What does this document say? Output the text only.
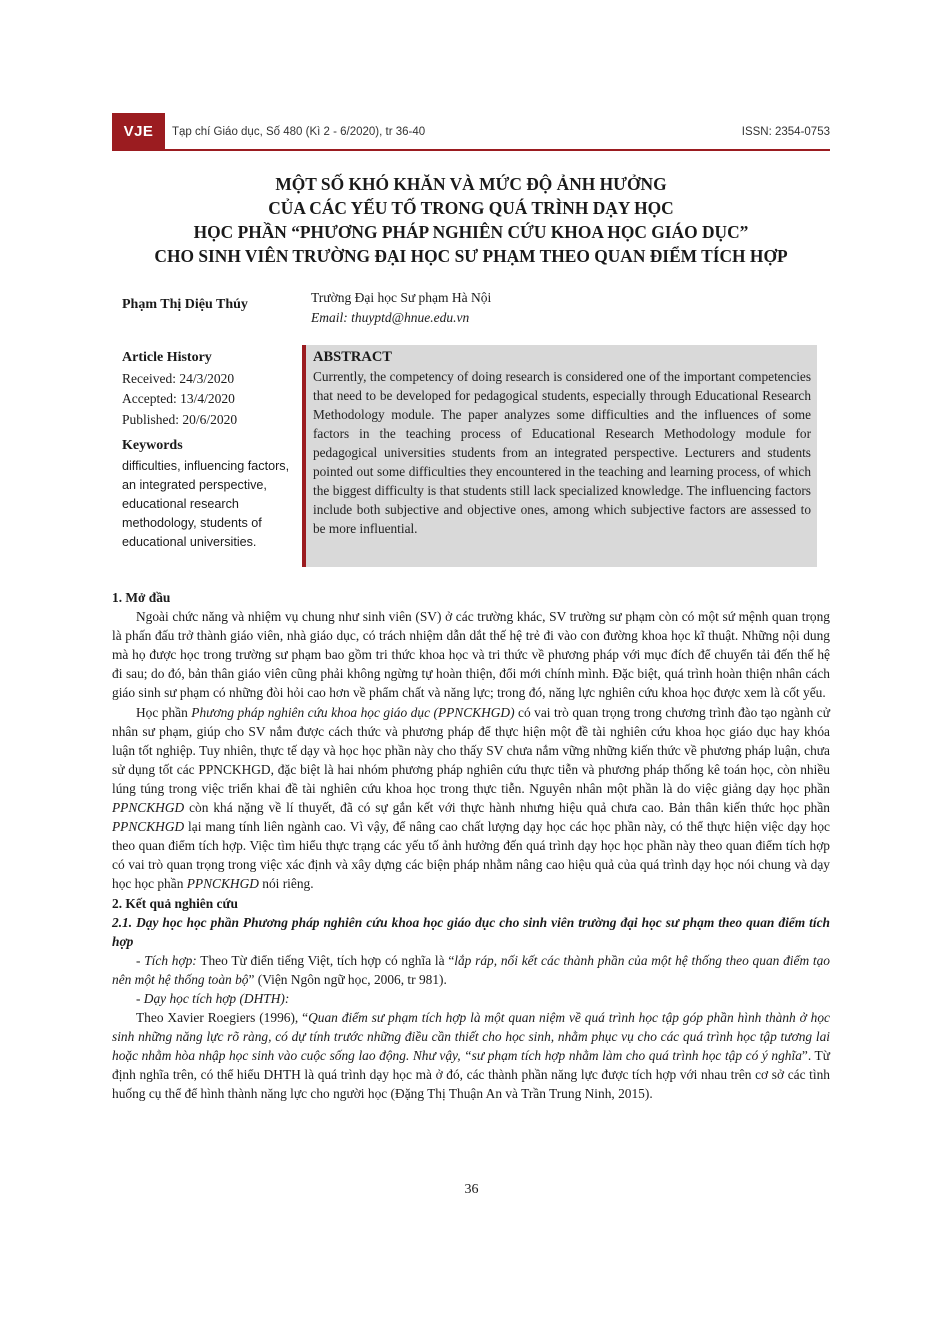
VJE	Tạp chí Giáo dục, Số 480 (Kì 2 - 6/2020), tr 36-40	ISSN: 2354-0753
MỘT SỐ KHÓ KHĂN VÀ MỨC ĐỘ ẢNH HƯỞNG
CỦA CÁC YẾU TỐ TRONG QUÁ TRÌNH DẠY HỌC
HỌC PHẦN “PHƯƠNG PHÁP NGHIÊN CỨU KHOA HỌC GIÁO DỤC”
CHO SINH VIÊN TRƯỜNG ĐẠI HỌC SƯ PHẠM THEO QUAN ĐIỂM TÍCH HỢP
Phạm Thị Diệu Thúy	Trường Đại học Sư phạm Hà Nội
Email: thuyptd@hnue.edu.vn
Article History
Received: 24/3/2020
Accepted: 13/4/2020
Published: 20/6/2020
Keywords
difficulties, influencing factors, an integrated perspective, educational research methodology, students of educational universities.
ABSTRACT
Currently, the competency of doing research is considered one of the important competencies that need to be developed for pedagogical students, especially through Educational Research Methodology module. The paper analyzes some difficulties and the influences of some factors in the teaching process of Educational Research Methodology module for pedagogical universities students from an integrated perspective. Lecturers and students pointed out some difficulties they encountered in the teaching and learning process, of which the biggest difficulty is that students still lack specialized knowledge. The influencing factors include both subjective and objective ones, among which subjective factors are assessed to be more influential.
1. Mở đầu

Ngoài chức năng và nhiệm vụ chung như sinh viên (SV) ở các trường khác, SV trường sư phạm còn có một sứ mệnh quan trọng là phấn đấu trở thành giáo viên, nhà giáo dục, có trách nhiệm dẫn dắt thế hệ trẻ đi vào con đường khoa học kĩ thuật. Những nội dung mà họ được học trong trường sư phạm bao gồm tri thức khoa học và tri thức về phương pháp với mục đích để chuyển tải đến thế hệ đi sau; do đó, bản thân giáo viên cũng phải không ngừng tự hoàn thiện, đổi mới chính mình. Đặc biệt, quá trình hoàn thiện nhân cách giáo sinh sư phạm có những đòi hỏi cao hơn về phẩm chất và năng lực; trong đó, năng lực nghiên cứu khoa học được xem là cốt yếu.

Học phần Phương pháp nghiên cứu khoa học giáo dục (PPNCKHGD) có vai trò quan trọng trong chương trình đào tạo ngành cử nhân sư phạm, giúp cho SV nắm được cách thức và phương pháp để thực hiện một đề tài nghiên cứu khoa học giáo dục hay khóa luận tốt nghiệp. Tuy nhiên, thực tế dạy và học học phần này cho thấy SV chưa nắm vững những kiến thức về phương pháp luận, chưa sử dụng tốt các PPNCKHGD, đặc biệt là hai nhóm phương pháp nghiên cứu thực tiễn và phương pháp thống kê toán học, còn nhiều lúng túng trong việc triển khai đề tài nghiên cứu khoa học trong thực tiễn. Nguyên nhân một phần là do việc giảng dạy học phần PPNCKHGD còn khá nặng về lí thuyết, đã có sự gắn kết với thực hành nhưng hiệu quả chưa cao. Bản thân kiến thức học phần PPNCKHGD lại mang tính liên ngành cao. Vì vậy, để nâng cao chất lượng dạy học các học phần này, có thể thực hiện việc dạy học theo quan điểm tích hợp. Việc tìm hiểu thực trạng các yếu tố ảnh hưởng đến quá trình dạy học học phần này theo quan điểm tích hợp có vai trò quan trọng trong việc xác định và xây dựng các biện pháp nhằm nâng cao hiệu quả của quá trình dạy học nói chung và dạy học học phần PPNCKHGD nói riêng.

2. Kết quả nghiên cứu
2.1. Dạy học học phần Phương pháp nghiên cứu khoa học giáo dục cho sinh viên trường đại học sư phạm theo quan điểm tích hợp

- Tích hợp: Theo Từ điển tiếng Việt, tích hợp có nghĩa là “lắp ráp, nối kết các thành phần của một hệ thống theo quan điểm tạo nên một hệ thống toàn bộ” (Viện Ngôn ngữ học, 2006, tr 981).

- Dạy học tích hợp (DHTH):

Theo Xavier Roegiers (1996), “Quan điểm sư phạm tích hợp là một quan niệm về quá trình học tập góp phần hình thành ở học sinh những năng lực rõ ràng, có dự tính trước những điều cần thiết cho học sinh, nhằm phục vụ cho các quá trình học tập tương lai hoặc nhằm hòa nhập học sinh vào cuộc sống lao động. Như vậy, “sư phạm tích hợp nhằm làm cho quá trình học tập có ý nghĩa”. Từ định nghĩa trên, có thể hiểu DHTH là quá trình dạy học mà ở đó, các thành phần năng lực được tích hợp với nhau trên cơ sở các tình huống cụ thể để hình thành năng lực cho người học (Đặng Thị Thuận An và Trần Trung Ninh, 2015).

36
